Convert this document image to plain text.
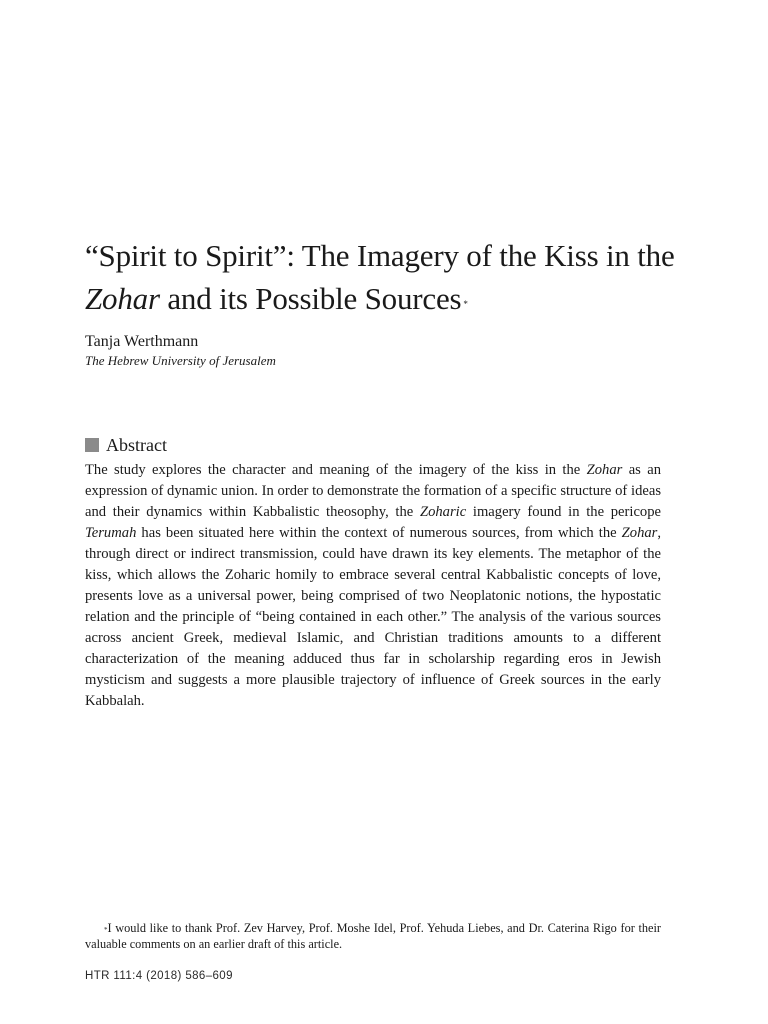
“Spirit to Spirit”: The Imagery of the Kiss in the Zohar and its Possible Sources *
Tanja Werthmann
The Hebrew University of Jerusalem
Abstract

The study explores the character and meaning of the imagery of the kiss in the Zohar as an expression of dynamic union. In order to demonstrate the formation of a specific structure of ideas and their dynamics within Kabbalistic theosophy, the Zoharic imagery found in the pericope Terumah has been situated here within the context of numerous sources, from which the Zohar, through direct or indirect transmission, could have drawn its key elements. The metaphor of the kiss, which allows the Zoharic homily to embrace several central Kabbalistic concepts of love, presents love as a universal power, being comprised of two Neoplatonic notions, the hypostatic relation and the principle of “being contained in each other.” The analysis of the various sources across ancient Greek, medieval Islamic, and Christian traditions amounts to a different characterization of the meaning adduced thus far in scholarship regarding eros in Jewish mysticism and suggests a more plausible trajectory of influence of Greek sources in the early Kabbalah.

*I would like to thank Prof. Zev Harvey, Prof. Moshe Idel, Prof. Yehuda Liebes, and Dr. Caterina Rigo for their valuable comments on an earlier draft of this article.

HTR 111:4 (2018) 586–609
